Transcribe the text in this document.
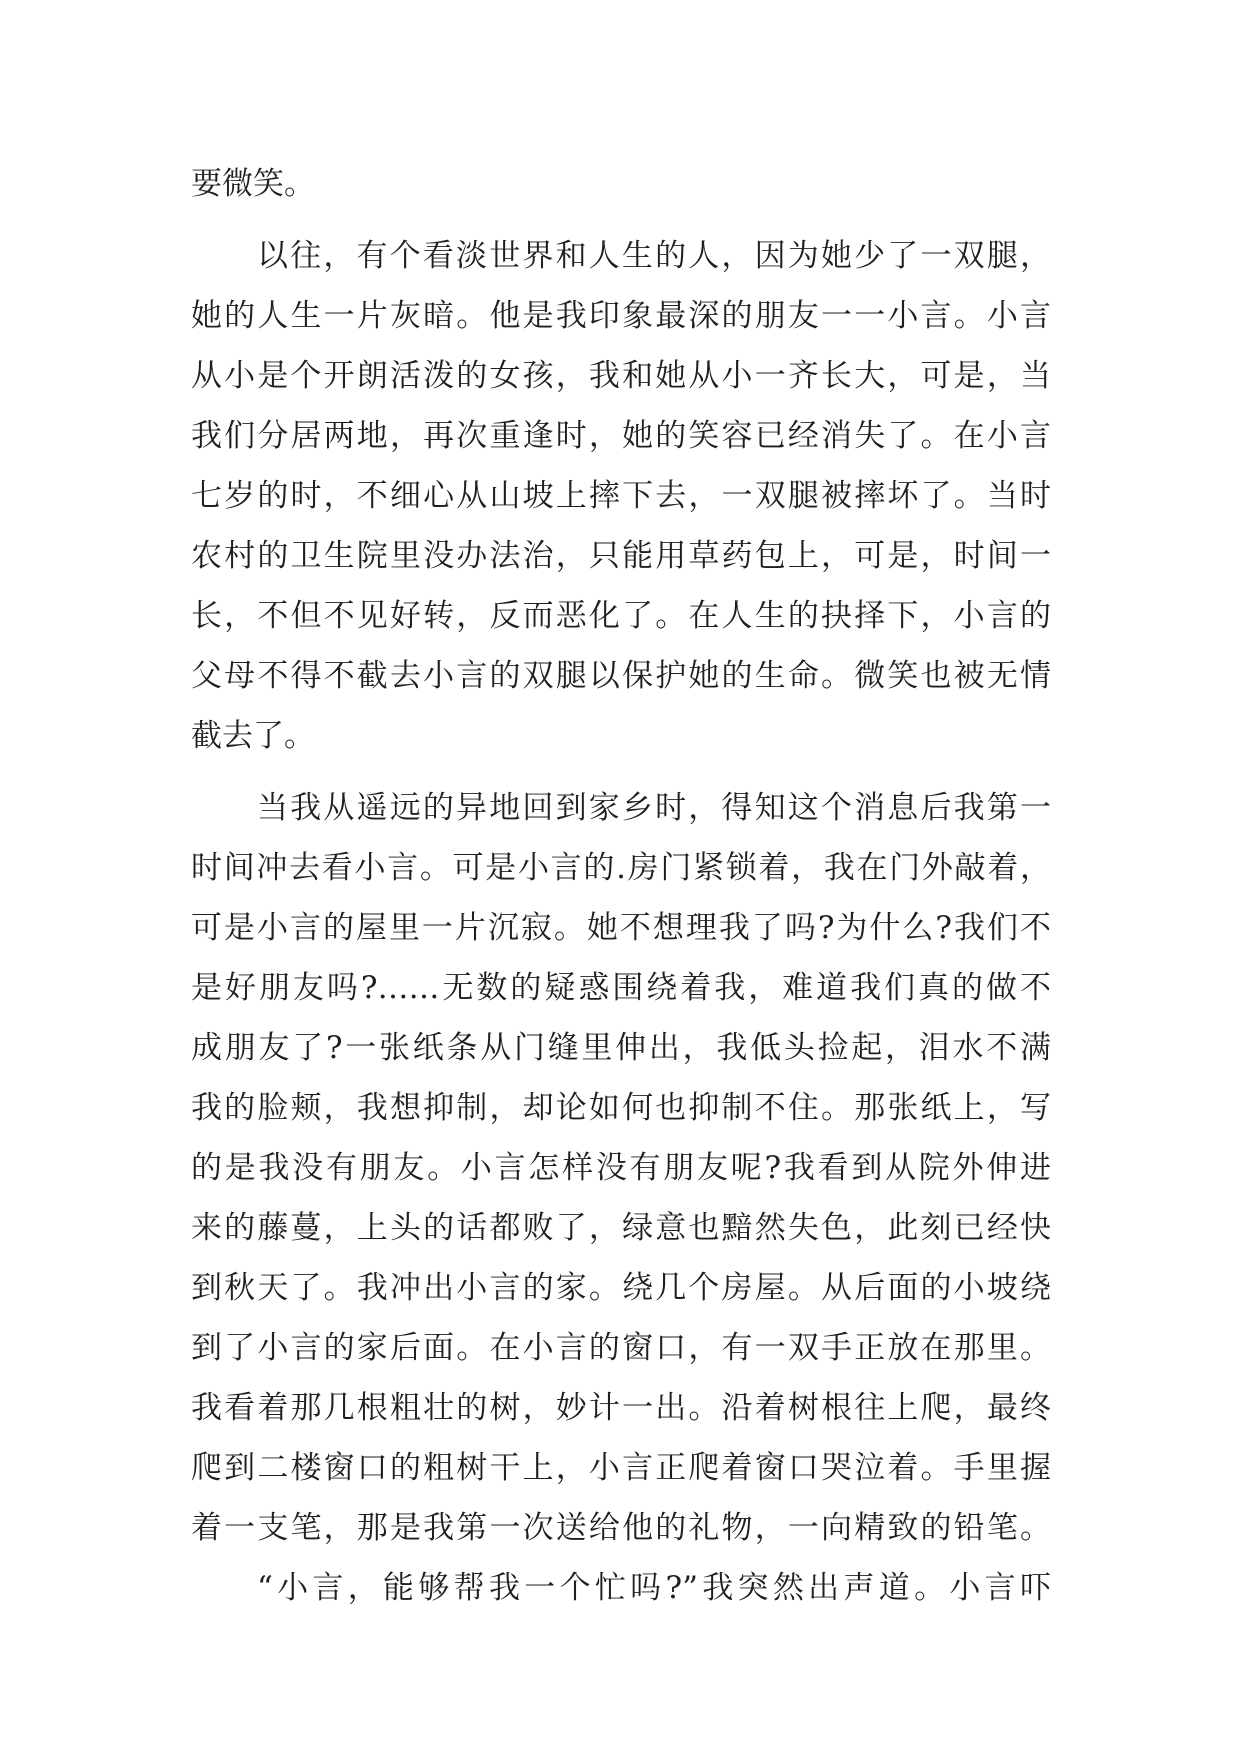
要微笑。
以往，有个看淡世界和人生的人，因为她少了一双腿，
她的人生一片灰暗。他是我印象最深的朋友一一小言。小言
从小是个开朗活泼的女孩，我和她从小一齐长大，可是，当
我们分居两地，再次重逢时，她的笑容已经消失了。在小言
七岁的时，不细心从山坡上摔下去，一双腿被摔坏了。当时
农村的卫生院里没办法治，只能用草药包上，可是，时间一
长，不但不见好转，反而恶化了。在人生的抉择下，小言的
父母不得不截去小言的双腿以保护她的生命。微笑也被无情
截去了。
当我从遥远的异地回到家乡时，得知这个消息后我第一
时间冲去看小言。可是小言的.房门紧锁着，我在门外敲着，
可是小言的屋里一片沉寂。她不想理我了吗?为什么?我们不
是好朋友吗?……无数的疑惑围绕着我，难道我们真的做不
成朋友了?一张纸条从门缝里伸出，我低头捡起，泪水不满
我的脸颊，我想抑制，却论如何也抑制不住。那张纸上，写
的是我没有朋友。小言怎样没有朋友呢?我看到从院外伸进
来的藤蔓，上头的话都败了，绿意也黯然失色，此刻已经快
到秋天了。我冲出小言的家。绕几个房屋。从后面的小坡绕
到了小言的家后面。在小言的窗口，有一双手正放在那里。
我看着那几根粗壮的树，妙计一出。沿着树根往上爬，最终
爬到二楼窗口的粗树干上，小言正爬着窗口哭泣着。手里握
着一支笔，那是我第一次送给他的礼物，一向精致的铅笔。
“小言，能够帮我一个忙吗?”我突然出声道。小言吓
